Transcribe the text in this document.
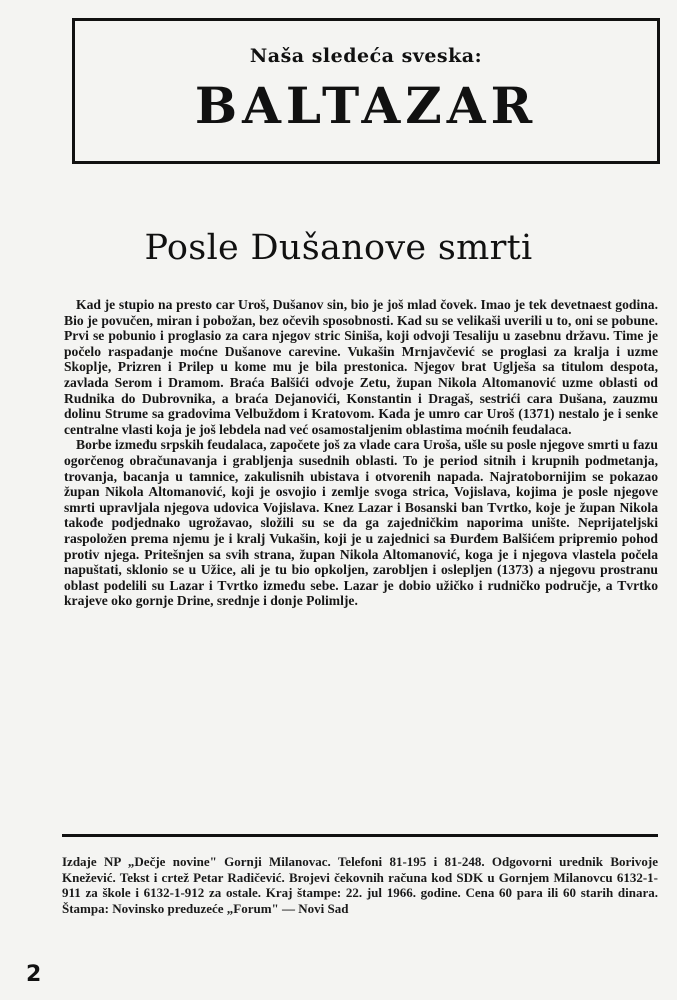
Naša sledeća sveska:
BALTAZAR
Posle Dušanove smrti

Kad je stupio na presto car Uroš, Dušanov sin, bio je još mlad čovek. Imao je tek devetnaest godina. Bio je povučen, miran i pobožan, bez očevih sposobnosti. Kad su se velikaši uverili u to, oni se pobune. Prvi se pobunio i proglasio za cara njegov stric Siniša, koji odvoji Tesaliju u zasebnu državu. Time je počelo raspadanje moćne Dušanove carevine. Vukašin Mrnjavčević se proglasi za kralja i uzme Skoplje, Prizren i Prilep u kome mu je bila prestonica. Njegov brat Uglješa sa titulom despota, zavlada Serom i Dramom. Braća Balšići odvoje Zetu, župan Nikola Altomanović uzme oblasti od Rudnika do Dubrovnika, a braća Dejanovići, Konstantin i Dragaš, sestrići cara Dušana, zauzmu dolinu Strume sa gradovima Velbuždom i Kratovom. Kada je umro car Uroš (1371) nestalo je i senke centralne vlasti koja je još lebdela nad već osamostaljenim oblastima moćnih feudalaca.

Borbe između srpskih feudalaca, započete još za vlade cara Uroša, ušle su posle njegove smrti u fazu ogorčenog obračunavanja i grabljenja susednih oblasti. To je period sitnih i krupnih podmetanja, trovanja, bacanja u tamnice, zakulisnih ubistava i otvorenih napada. Najratobornijim se pokazao župan Nikola Altomanović, koji je osvojio i zemlje svoga strica, Vojislava, kojima je posle njegove smrti upravljala njegova udovica Vojislava. Knez Lazar i Bosanski ban Tvrtko, koje je župan Nikola takođe podjednako ugrožavao, složili su se da ga zajedničkim naporima unište. Neprijateljski raspoložen prema njemu je i kralj Vukašin, koji je u zajednici sa Đurđem Balšićem pripremio pohod protiv njega. Pritešnjen sa svih strana, župan Nikola Altomanović, koga je i njegova vlastela počela napuštati, sklonio se u Užice, ali je tu bio opkoljen, zarobljen i oslepljen (1373) a njegovu prostranu oblast podelili su Lazar i Tvrtko između sebe. Lazar je dobio užičko i rudničko područje, a Tvrtko krajeve oko gornje Drine, srednje i donje Polimlje.

Izdaje NP „Dečje novine" Gornji Milanovac. Telefoni 81-195 i 81-248. Odgovorni urednik Borivoje Knežević. Tekst i crtež Petar Radičević. Brojevi čekovnih računa kod SDK u Gornjem Milanovcu 6132-1-911 za škole i 6132-1-912 za ostale. Kraj štampe: 22. jul 1966. godine. Cena 60 para ili 60 starih dinara. Štampa: Novinsko preduzeće „Forum" — Novi Sad
2
